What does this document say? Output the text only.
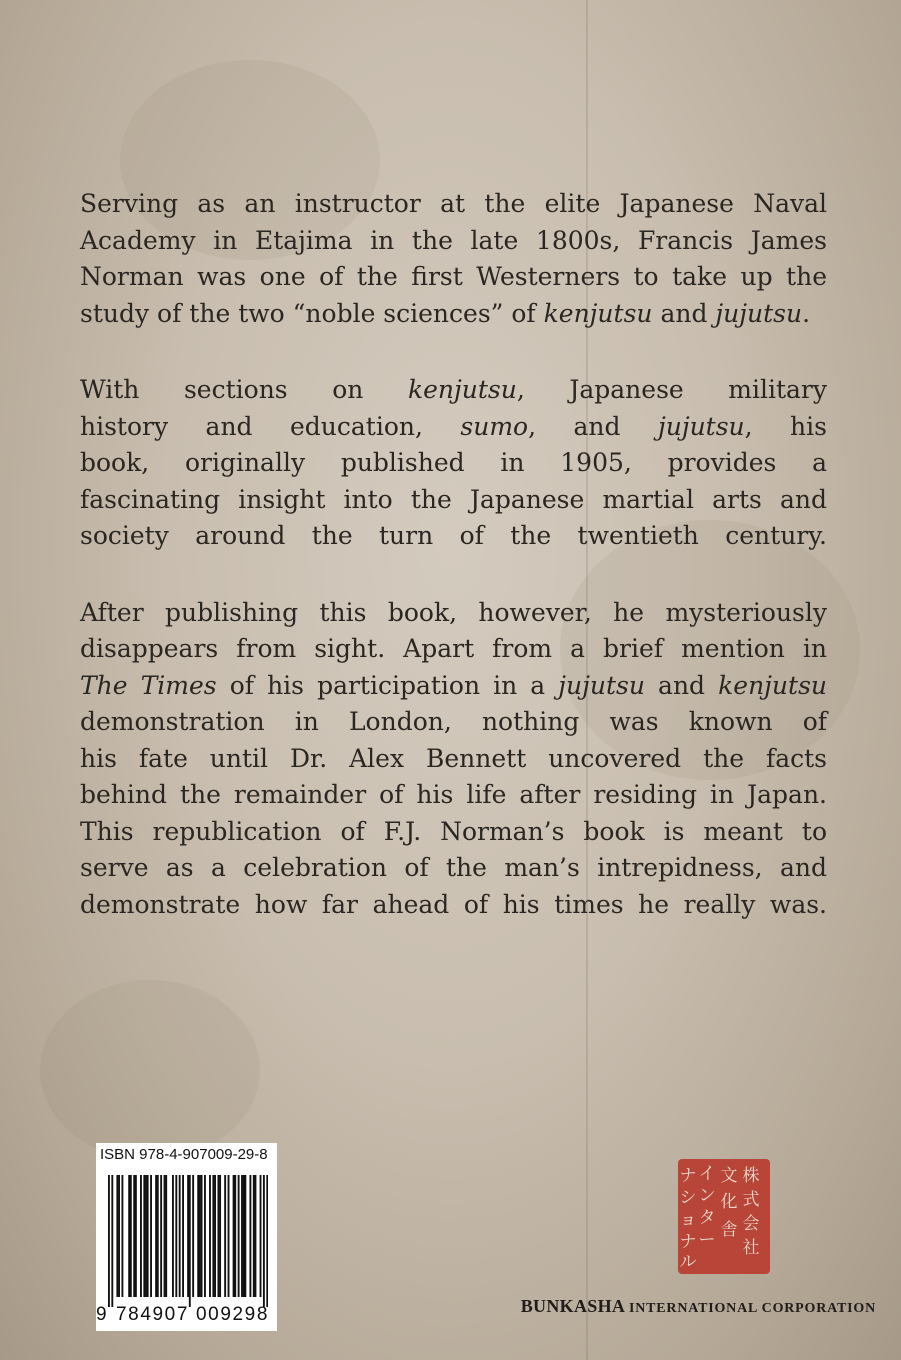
Serving as an instructor at the elite Japanese Naval
Academy in Etajima in the late 1800s, Francis James
Norman was one of the first Westerners to take up the
study of the two “noble sciences” of kenjutsu and jujutsu.

With sections on kenjutsu, Japanese military
history and education, sumo, and jujutsu, his
book, originally published in 1905, provides a
fascinating insight into the Japanese martial arts and
society around the turn of the twentieth century.

After publishing this book, however, he mysteriously
disappears from sight. Apart from a brief mention in
The Times of his participation in a jujutsu and kenjutsu
demonstration in London, nothing was known of
his fate until Dr. Alex Bennett uncovered the facts
behind the remainder of his life after residing in Japan.
This republication of F.J. Norman’s book is meant to
serve as a celebration of the man’s intrepidness, and
demonstrate how far ahead of his times he really was.

ISBN 978-4-907009-29-8
9 784907 009298
株
式
会
社
文
化
舎
イ
ン
タ
ー
ナ
シ
ョ
ナ
ル
BUNKASHA INTERNATIONAL CORPORATION
